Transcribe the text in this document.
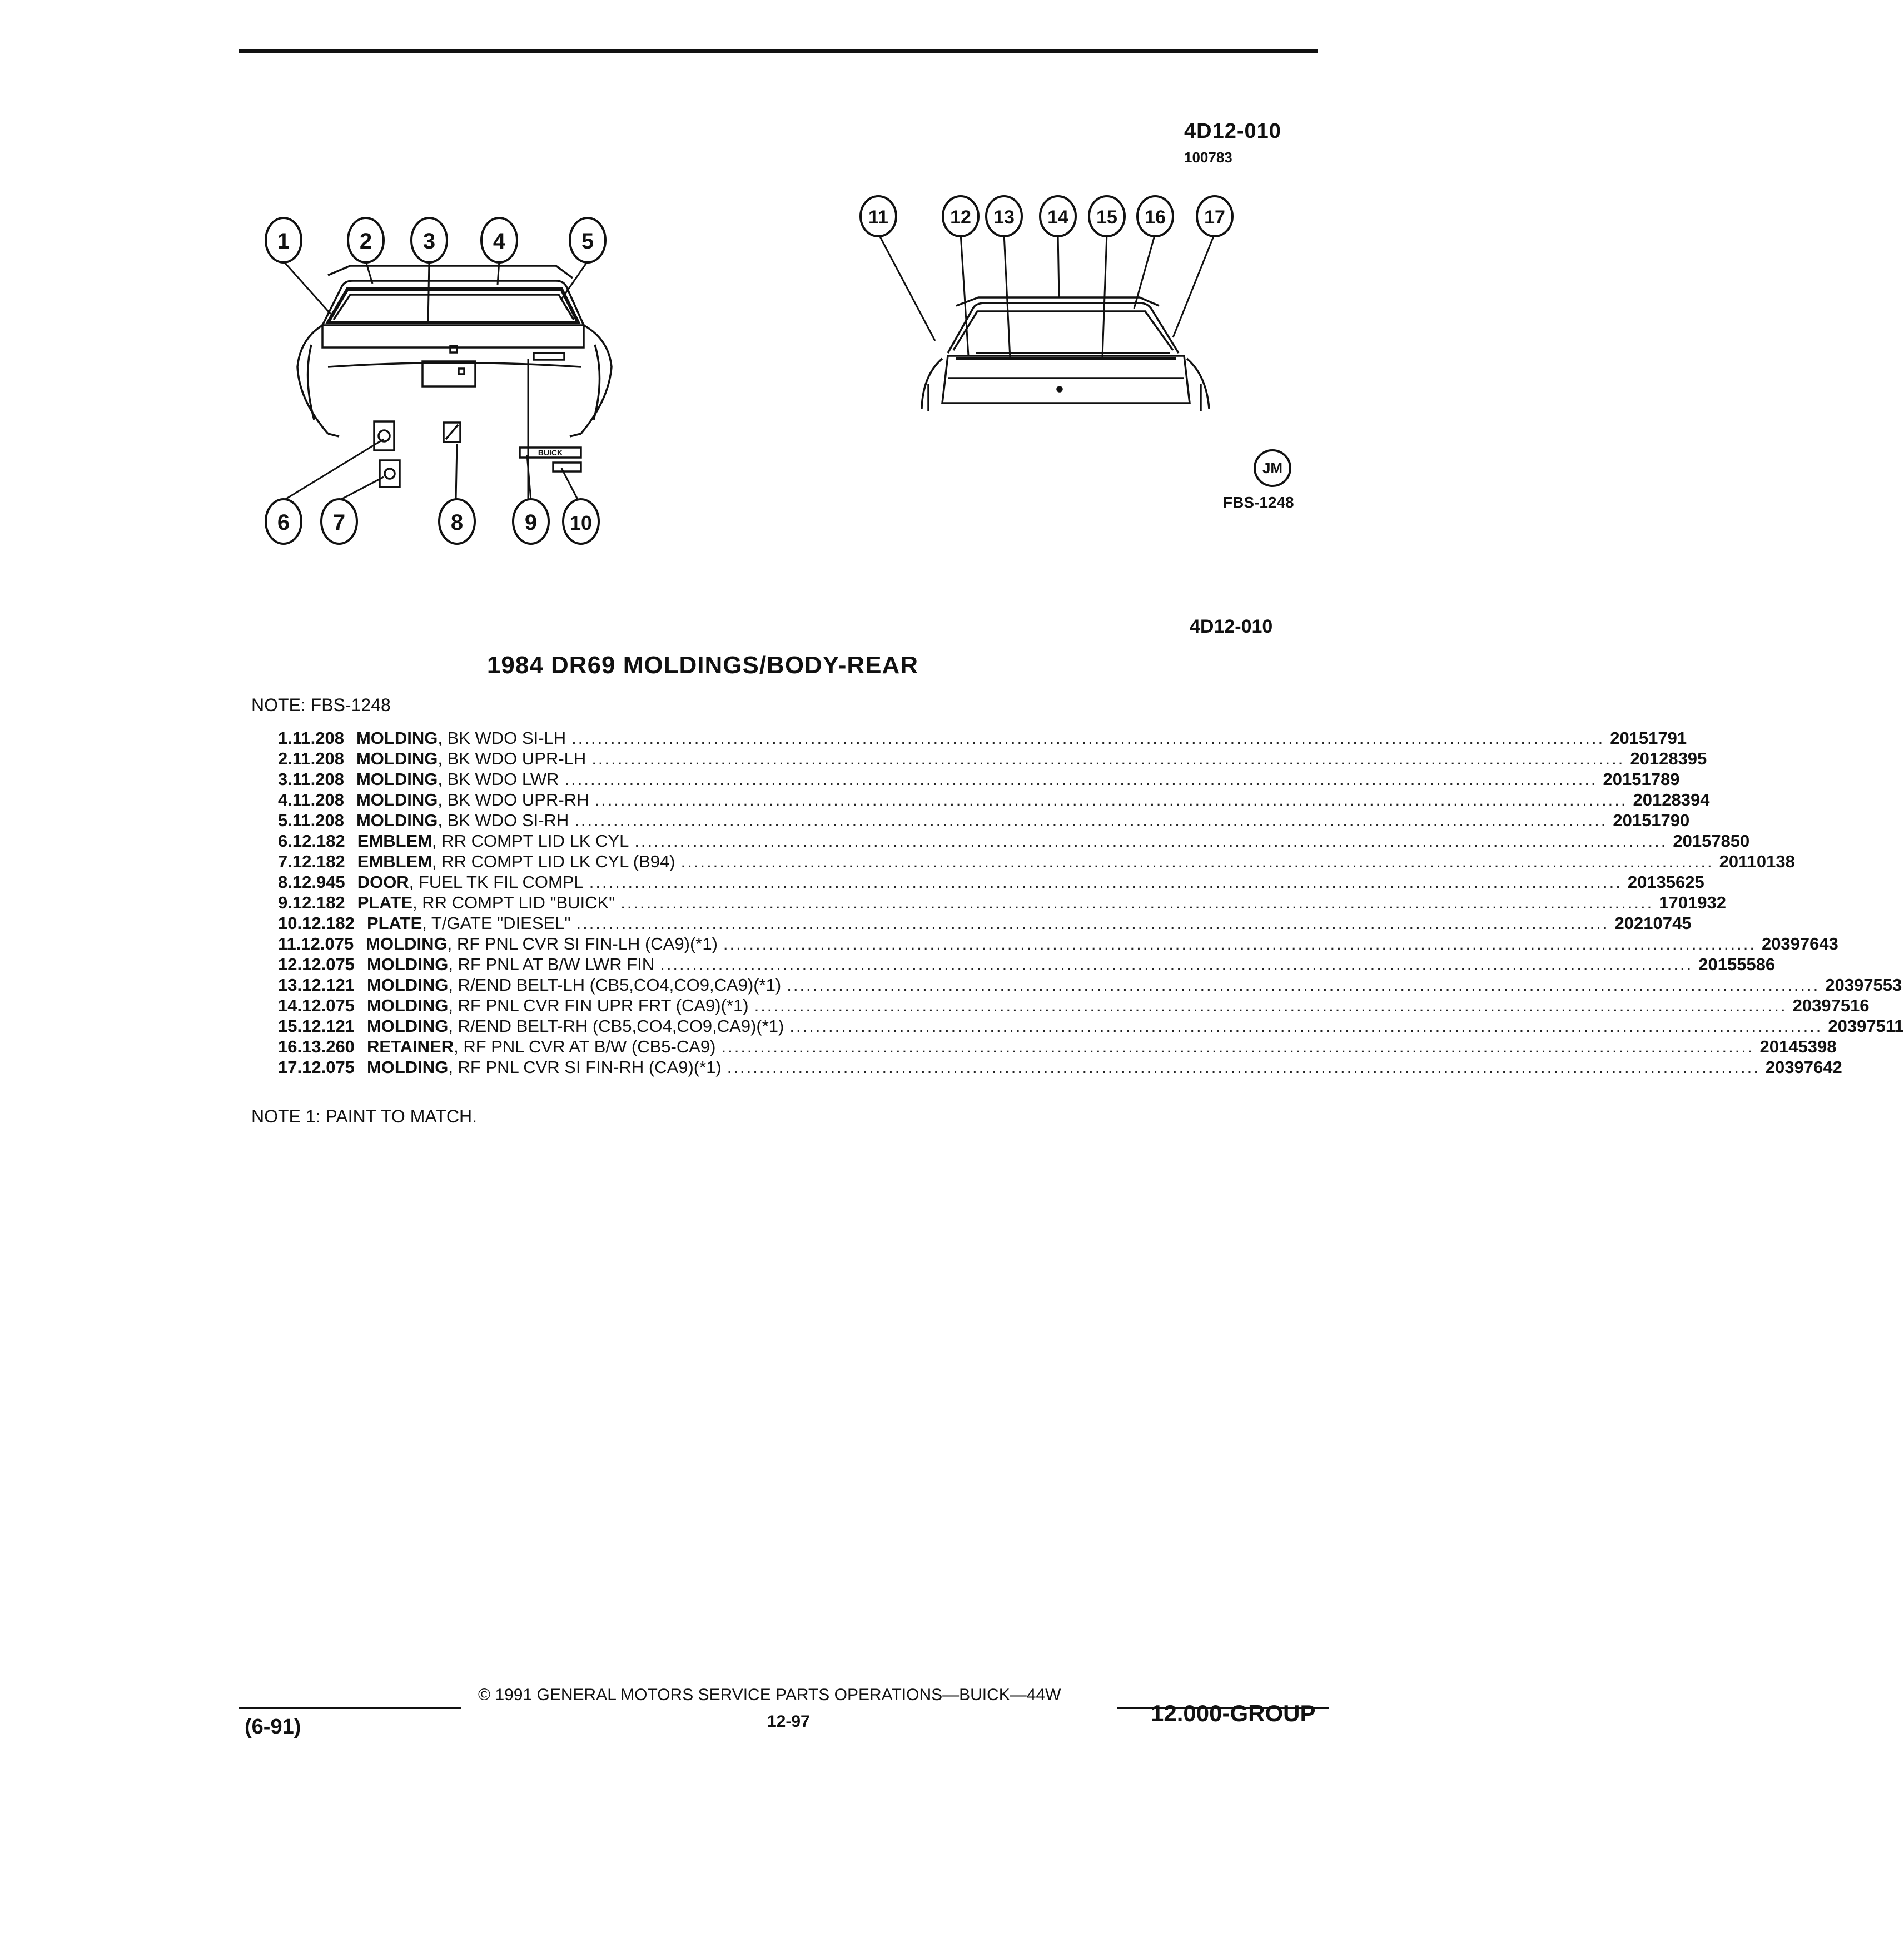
4D12-010
100783
BUICK
1	2 3	4	5
6 7	8	9 10
11	12 13 14 15 16 17
JM
FBS-1248
4D12-010
1984 DR69 MOLDINGS/BODY-REAR
NOTE: FBS-1248
1. 11.208 MOLDING, BK WDO SI-LH ................................................................................................................................................................ 20151791
2. 11.208 MOLDING, BK WDO UPR-LH ................................................................................................................................................................ 20128395
3. 11.208 MOLDING, BK WDO LWR ................................................................................................................................................................ 20151789
4. 11.208 MOLDING, BK WDO UPR-RH ................................................................................................................................................................ 20128394
5. 11.208 MOLDING, BK WDO SI-RH ................................................................................................................................................................ 20151790
6. 12.182 EMBLEM, RR COMPT LID LK CYL ................................................................................................................................................................ 20157850
7. 12.182 EMBLEM, RR COMPT LID LK CYL (B94) ................................................................................................................................................................ 20110138
8. 12.945 DOOR, FUEL TK FIL COMPL ................................................................................................................................................................ 20135625
9. 12.182 PLATE, RR COMPT LID "BUICK" ................................................................................................................................................................ 1701932
10. 12.182 PLATE, T/GATE "DIESEL" ................................................................................................................................................................ 20210745
11. 12.075 MOLDING, RF PNL CVR SI FIN-LH (CA9)(*1) ................................................................................................................................................................ 20397643
12. 12.075 MOLDING, RF PNL AT B/W LWR FIN ................................................................................................................................................................ 20155586
13. 12.121 MOLDING, R/END BELT-LH (CB5,CO4,CO9,CA9)(*1) ................................................................................................................................................................ 20397553
14. 12.075 MOLDING, RF PNL CVR FIN UPR FRT (CA9)(*1) ................................................................................................................................................................ 20397516
15. 12.121 MOLDING, R/END BELT-RH (CB5,CO4,CO9,CA9)(*1) ................................................................................................................................................................ 20397511
16. 13.260 RETAINER, RF PNL CVR AT B/W (CB5-CA9) ................................................................................................................................................................ 20145398
17. 12.075 MOLDING, RF PNL CVR SI FIN-RH (CA9)(*1) ................................................................................................................................................................ 20397642
NOTE 1: PAINT TO MATCH.
© 1991 GENERAL MOTORS SERVICE PARTS OPERATIONS—BUICK—44W
12-97
(6-91)
12.000-GROUP
